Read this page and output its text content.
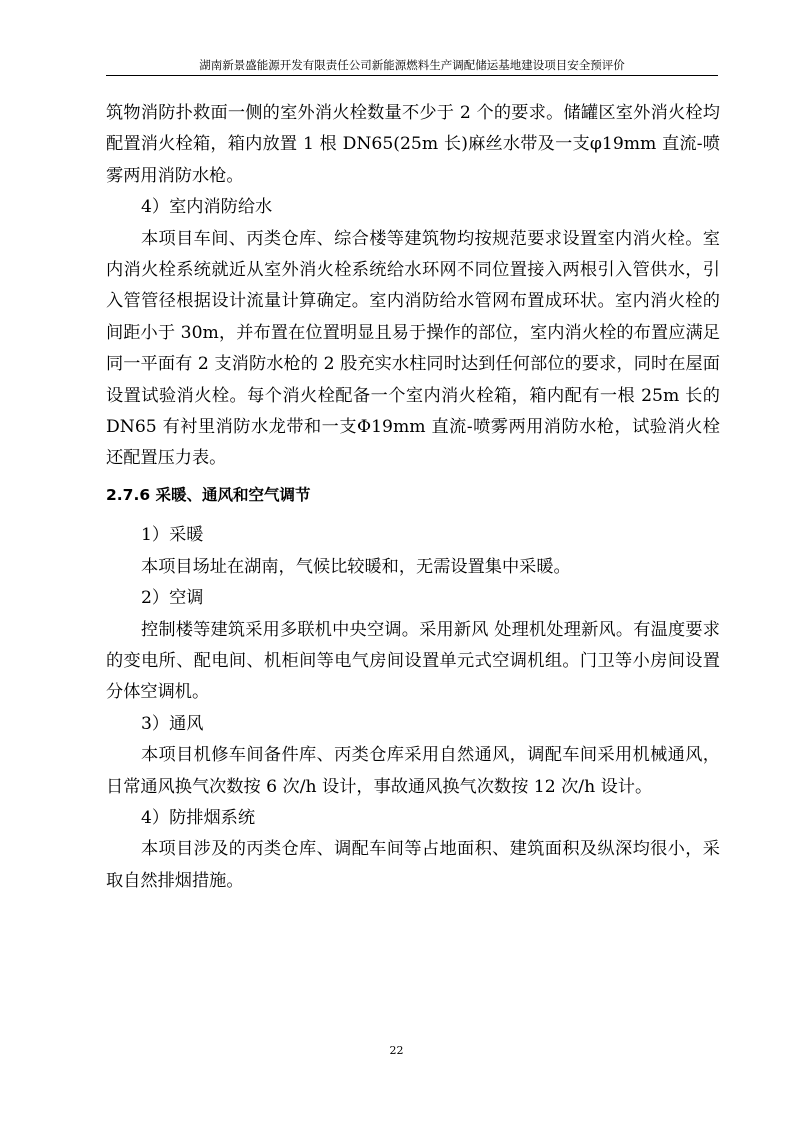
湖南新景盛能源开发有限责任公司新能源燃料生产调配储运基地建设项目安全预评价

筑物消防扑救面一侧的室外消火栓数量不少于 2 个的要求。储罐区室外消火栓均配置消火栓箱，箱内放置 1 根 DN65(25m 长)麻丝水带及一支φ19mm 直流-喷雾两用消防水枪。

4）室内消防给水

本项目车间、丙类仓库、综合楼等建筑物均按规范要求设置室内消火栓。室内消火栓系统就近从室外消火栓系统给水环网不同位置接入两根引入管供水，引入管管径根据设计流量计算确定。室内消防给水管网布置成环状。室内消火栓的间距小于 30m，并布置在位置明显且易于操作的部位，室内消火栓的布置应满足同一平面有 2 支消防水枪的 2 股充实水柱同时达到任何部位的要求，同时在屋面设置试验消火栓。每个消火栓配备一个室内消火栓箱，箱内配有一根 25m 长的 DN65 有衬里消防水龙带和一支Φ19mm 直流-喷雾两用消防水枪，试验消火栓还配置压力表。

2.7.6 采暖、通风和空气调节

1）采暖

本项目场址在湖南，气候比较暖和，无需设置集中采暖。

2）空调

控制楼等建筑采用多联机中央空调。采用新风 处理机处理新风。有温度要求的变电所、配电间、机柜间等电气房间设置单元式空调机组。门卫等小房间设置分体空调机。

3）通风

本项目机修车间备件库、丙类仓库采用自然通风，调配车间采用机械通风，日常通风换气次数按 6 次/h 设计，事故通风换气次数按 12 次/h 设计。

4）防排烟系统

本项目涉及的丙类仓库、调配车间等占地面积、建筑面积及纵深均很小，采取自然排烟措施。

22
